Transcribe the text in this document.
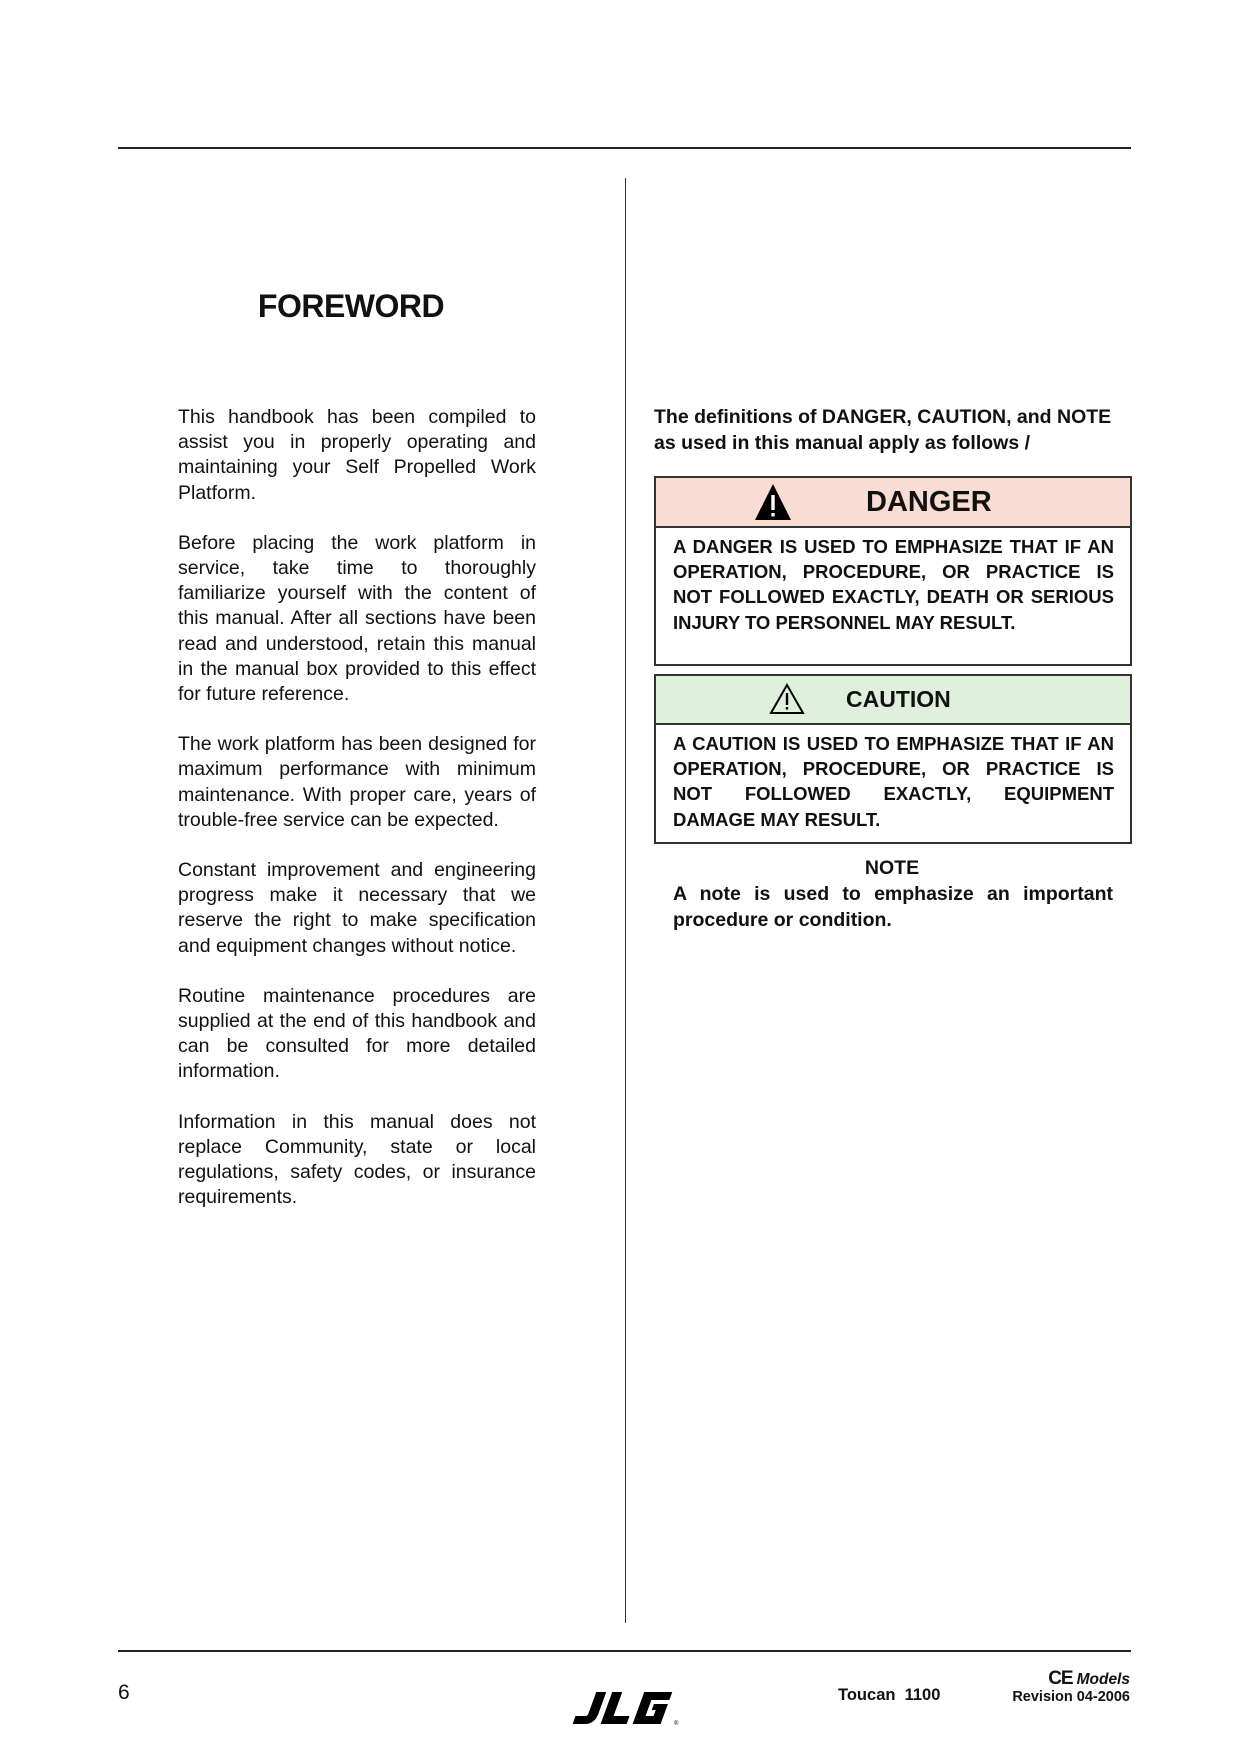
FOREWORD

This handbook has been compiled to assist you in properly operating and maintaining your Self Propelled Work Platform.

Before placing the work platform in service, take time to thoroughly familiarize yourself with the content of this manual. After all sections have been read and understood, retain this manual in the manual box provided to this effect for future reference.

The work platform has been designed for maximum performance with minimum maintenance. With proper care, years of trouble-free service can be expected.

Constant improvement and engineering progress make it necessary that we reserve the right to make specification and equipment changes without notice.

Routine maintenance procedures are supplied at the end of this handbook and can be consulted for more detailed information.

Information in this manual does not replace Community, state or local regulations, safety codes, or insurance requirements.

The definitions of DANGER, CAUTION, and NOTE as used in this manual apply as follows /

DANGER
A DANGER IS USED TO EMPHASIZE THAT IF AN OPERATION, PROCEDURE, OR PRACTICE IS NOT FOLLOWED EXACTLY, DEATH OR SERIOUS INJURY TO PERSONNEL MAY RESULT.
CAUTION
A CAUTION IS USED TO EMPHASIZE THAT IF AN OPERATION, PROCEDURE, OR PRACTICE IS NOT FOLLOWED EXACTLY, EQUIPMENT DAMAGE MAY RESULT.
NOTE
A note is used to emphasize an important procedure or condition.
6
®
Toucan  1100
CE Models
Revision 04-2006
